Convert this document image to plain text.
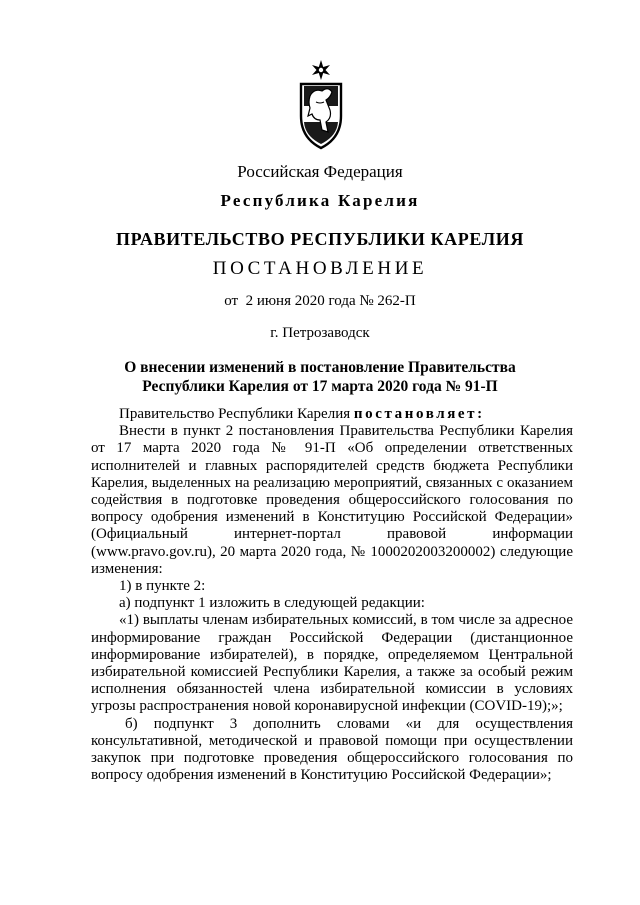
Российская Федерация
Республика Карелия
ПРАВИТЕЛЬСТВО РЕСПУБЛИКИ КАРЕЛИЯ
ПОСТАНОВЛЕНИЕ
от  2 июня 2020 года № 262-П
г. Петрозаводск
О внесении изменений в постановление Правительства
Республики Карелия от 17 марта 2020 года № 91-П

Правительство Республики Карелия постановляет:

Внести в пункт 2 постановления Правительства Республики Карелия от 17 марта 2020 года № 91-П «Об определении ответственных исполнителей и главных распорядителей средств бюджета Республики Карелия, выделенных на реализацию мероприятий, связанных с оказанием содействия в подготовке проведения общероссийского голосования по вопросу одобрения изменений в Конституцию Российской Федерации» (Официальный интернет-портал правовой информации (www.pravo.gov.ru), 20 марта 2020 года, № 1000202003200002) следующие изменения:

1) в пункте 2:

а) подпункт 1 изложить в следующей редакции:

«1) выплаты членам избирательных комиссий, в том числе за адресное информирование граждан Российской Федерации (дистанционное информирование избирателей), в порядке, определяемом Центральной избирательной комиссией Республики Карелия, а также за особый режим исполнения обязанностей члена избирательной комиссии в условиях угрозы распространения новой коронавирусной инфекции (COVID-19);»;

б) подпункт 3 дополнить словами «и для осуществления консультативной, методической и правовой помощи при осуществлении закупок при подготовке проведения общероссийского голосования по вопросу одобрения изменений в Конституцию Российской Федерации»;
